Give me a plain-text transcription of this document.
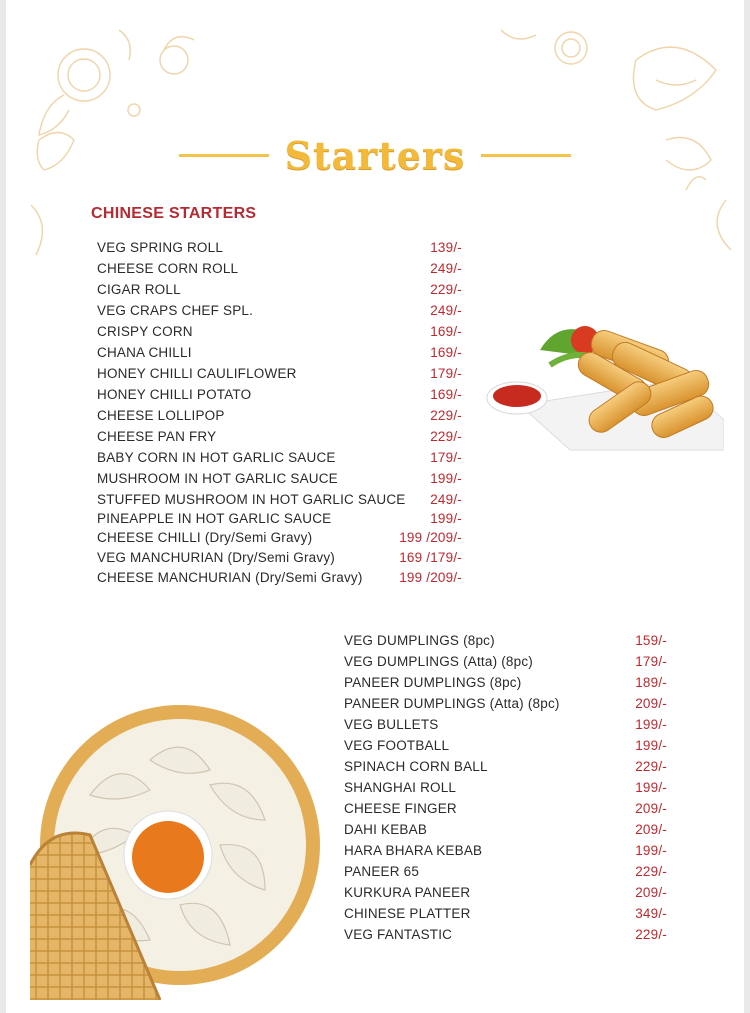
Starters
CHINESE STARTERS
VEG SPRING ROLL	139/-
CHEESE CORN ROLL	249/-
CIGAR ROLL	229/-
VEG CRAPS CHEF SPL.	249/-
CRISPY CORN	169/-
CHANA CHILLI	169/-
HONEY CHILLI CAULIFLOWER	179/-
HONEY CHILLI POTATO	169/-
CHEESE LOLLIPOP	229/-
CHEESE PAN FRY	229/-
BABY CORN IN HOT GARLIC SAUCE	179/-
MUSHROOM IN HOT GARLIC SAUCE	199/-
STUFFED MUSHROOM IN HOT GARLIC SAUCE 249/-
PINEAPPLE IN HOT GARLIC SAUCE	199/-
CHEESE CHILLI (Dry/Semi Gravy)	199 /209/-
VEG MANCHURIAN (Dry/Semi Gravy)	169 /179/-
CHEESE MANCHURIAN (Dry/Semi Gravy)	199 /209/-
VEG DUMPLINGS (8pc)	159/-
VEG DUMPLINGS (Atta) (8pc)	179/-
PANEER DUMPLINGS (8pc)	189/-
PANEER DUMPLINGS (Atta) (8pc)	209/-
VEG BULLETS	199/-
VEG FOOTBALL	199/-
SPINACH CORN BALL	229/-
SHANGHAI ROLL	199/-
CHEESE FINGER	209/-
DAHI KEBAB	209/-
HARA BHARA KEBAB	199/-
PANEER 65	229/-
KURKURA PANEER	209/-
CHINESE PLATTER	349/-
VEG FANTASTIC	229/-
